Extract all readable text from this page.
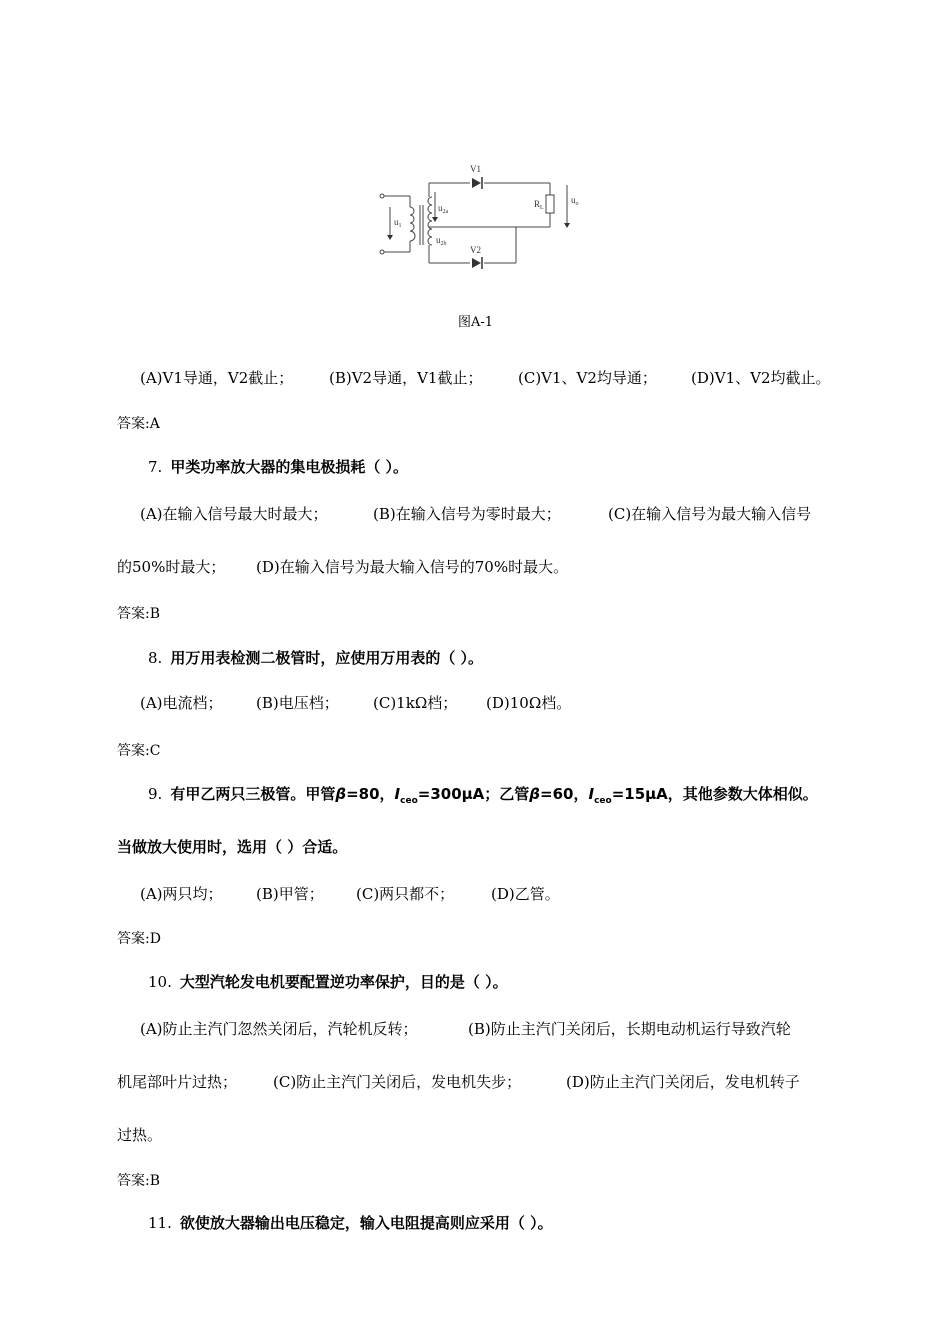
V1
V2
$u_{2a}$
$u_{2b}$
$u_1$
$R_L$
$u_o$
图A-1
(A)V1导通，V2截止； (B)V2导通，V1截止； (C)V1、V2均导通； (D)V1、V2均截止。
答案:A
7. 甲类功率放大器的集电极损耗（ ）。
(A)在输入信号最大时最大；	(B)在输入信号为零时最大；	(C)在输入信号为最大输入信号
的50%时最大； (D)在输入信号为最大输入信号的70%时最大。
答案:B
8. 用万用表检测二极管时，应使用万用表的（ ）。
(A)电流档； (B)电压档； (C)1kΩ档； (D)10Ω档。
答案:C
9. 有甲乙两只三极管。甲管β=80，$I_{ceo}=300\mu A$；乙管β=60，$I_{ceo}=15\mu A$，其他参数大体相似。
当做放大使用时，选用（ ）合适。
(A)两只均； (B)甲管； (C)两只都不； (D)乙管。
答案:D
10. 大型汽轮发电机要配置逆功率保护，目的是（ ）。
(A)防止主汽门忽然关闭后，汽轮机反转；	(B)防止主汽门关闭后，长期电动机运行导致汽轮
机尾部叶片过热； (C)防止主汽门关闭后，发电机失步；	(D)防止主汽门关闭后，发电机转子
过热。
答案:B
11. 欲使放大器输出电压稳定，输入电阻提高则应采用（ ）。
